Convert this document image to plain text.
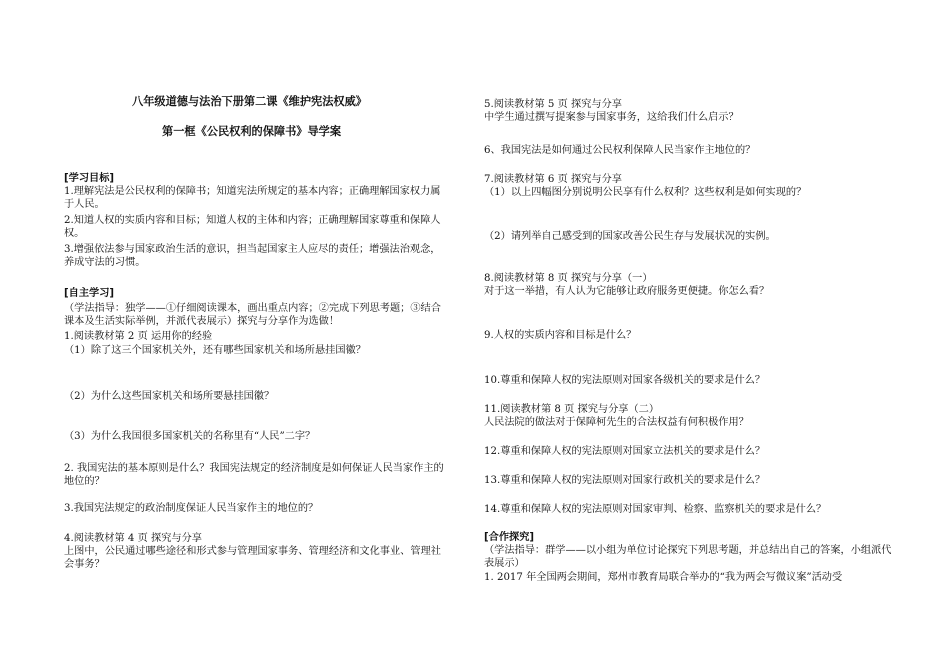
八年级道德与法治下册第二课《维护宪法权威》
第一框《公民权利的保障书》导学案
[学习目标]
1.理解宪法是公民权利的保障书；知道宪法所规定的基本内容；正确理解国家权力属于人民。
2.知道人权的实质内容和目标；知道人权的主体和内容；正确理解国家尊重和保障人权。
3.增强依法参与国家政治生活的意识，担当起国家主人应尽的责任；增强法治观念，养成守法的习惯。
[自主学习]
（学法指导：独学——①仔细阅读课本，画出重点内容；②完成下列思考题；③结合课本及生活实际举例，并派代表展示）探究与分享作为选做！
1.阅读教材第 2 页 运用你的经验
（1）除了这三个国家机关外，还有哪些国家机关和场所悬挂国徽？
（2）为什么这些国家机关和场所要悬挂国徽？
（3）为什么我国很多国家机关的名称里有“人民”二字？
2. 我国宪法的基本原则是什么？我国宪法规定的经济制度是如何保证人民当家作主的地位的？
3.我国宪法规定的政治制度保证人民当家作主的地位的？
4.阅读教材第 4 页 探究与分享
上图中，公民通过哪些途径和形式参与管理国家事务、管理经济和文化事业、管理社会事务？
5.阅读教材第 5 页 探究与分享
中学生通过撰写提案参与国家事务，这给我们什么启示？
6、我国宪法是如何通过公民权利保障人民当家作主地位的？
7.阅读教材第 6 页 探究与分享
（1）以上四幅图分别说明公民享有什么权利？这些权利是如何实现的？
（2）请列举自己感受到的国家改善公民生存与发展状况的实例。
8.阅读教材第 8 页 探究与分享（一）
对于这一举措，有人认为它能够让政府服务更便捷。你怎么看？
9.人权的实质内容和目标是什么？
10.尊重和保障人权的宪法原则对国家各级机关的要求是什么？
11.阅读教材第 8 页 探究与分享（二）
人民法院的做法对于保障柯先生的合法权益有何积极作用？
12.尊重和保障人权的宪法原则对国家立法机关的要求是什么？
13.尊重和保障人权的宪法原则对国家行政机关的要求是什么？
14.尊重和保障人权的宪法原则对国家审判、检察、监察机关的要求是什么？
[合作探究]
（学法指导：群学——以小组为单位讨论探究下列思考题，并总结出自己的答案，小组派代表展示）
1. 2017 年全国两会期间，郑州市教育局联合举办的“我为两会写微议案”活动受
